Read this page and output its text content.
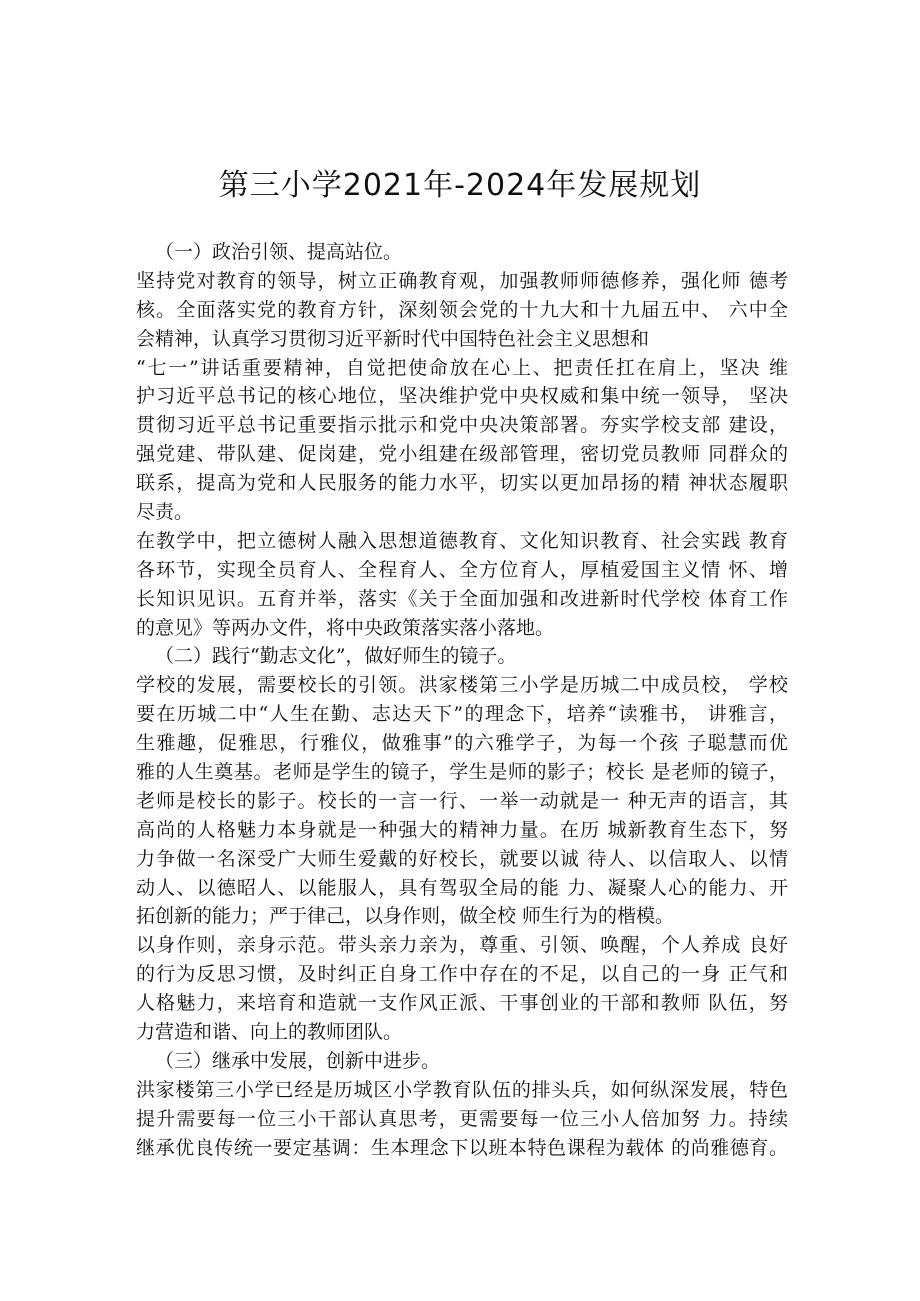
第三小学2021年-2024年发展规划
（一）政治引领、提高站位。
坚持党对教育的领导，树立正确教育观，加强教师师德修养，强化师 德考
核。全面落实党的教育方针，深刻领会党的十九大和十九届五中、 六中全
会精神，认真学习贯彻习近平新时代中国特色社会主义思想和
“七一”讲话重要精神，自觉把使命放在心上、把责任扛在肩上，坚决 维
护习近平总书记的核心地位，坚决维护党中央权威和集中统一领导， 坚决
贯彻习近平总书记重要指示批示和党中央决策部署。夯实学校支部 建设，
强党建、带队建、促岗建，党小组建在级部管理，密切党员教师 同群众的
联系，提高为党和人民服务的能力水平，切实以更加昂扬的精 神状态履职
尽责。
在教学中，把立德树人融入思想道德教育、文化知识教育、社会实践 教育
各环节，实现全员育人、全程育人、全方位育人，厚植爱国主义情 怀、增
长知识见识。五育并举，落实《关于全面加强和改进新时代学校 体育工作
的意见》等两办文件，将中央政策落实落小落地。
（二）践行“勤志文化”，做好师生的镜子。
学校的发展，需要校长的引领。洪家楼第三小学是历城二中成员校， 学校
要在历城二中“人生在勤、志达天下”的理念下，培养“读雅书， 讲雅言，
生雅趣，促雅思，行雅仪，做雅事”的六雅学子，为每一个孩 子聪慧而优
雅的人生奠基。老师是学生的镜子，学生是师的影子；校长 是老师的镜子，
老师是校长的影子。校长的一言一行、一举一动就是一 种无声的语言，其
高尚的人格魅力本身就是一种强大的精神力量。在历 城新教育生态下，努
力争做一名深受广大师生爱戴的好校长，就要以诚 待人、以信取人、以情
动人、以德昭人、以能服人，具有驾驭全局的能 力、凝聚人心的能力、开
拓创新的能力；严于律己，以身作则，做全校 师生行为的楷模。
以身作则，亲身示范。带头亲力亲为，尊重、引领、唤醒，个人养成 良好
的行为反思习惯，及时纠正自身工作中存在的不足，以自己的一身 正气和
人格魅力，来培育和造就一支作风正派、干事创业的干部和教师 队伍，努
力营造和谐、向上的教师团队。
（三）继承中发展，创新中进步。
洪家楼第三小学已经是历城区小学教育队伍的排头兵，如何纵深发展，特色
提升需要每一位三小干部认真思考，更需要每一位三小人倍加努 力。持续
继承优良传统一要定基调：生本理念下以班本特色课程为载体 的尚雅德育。
